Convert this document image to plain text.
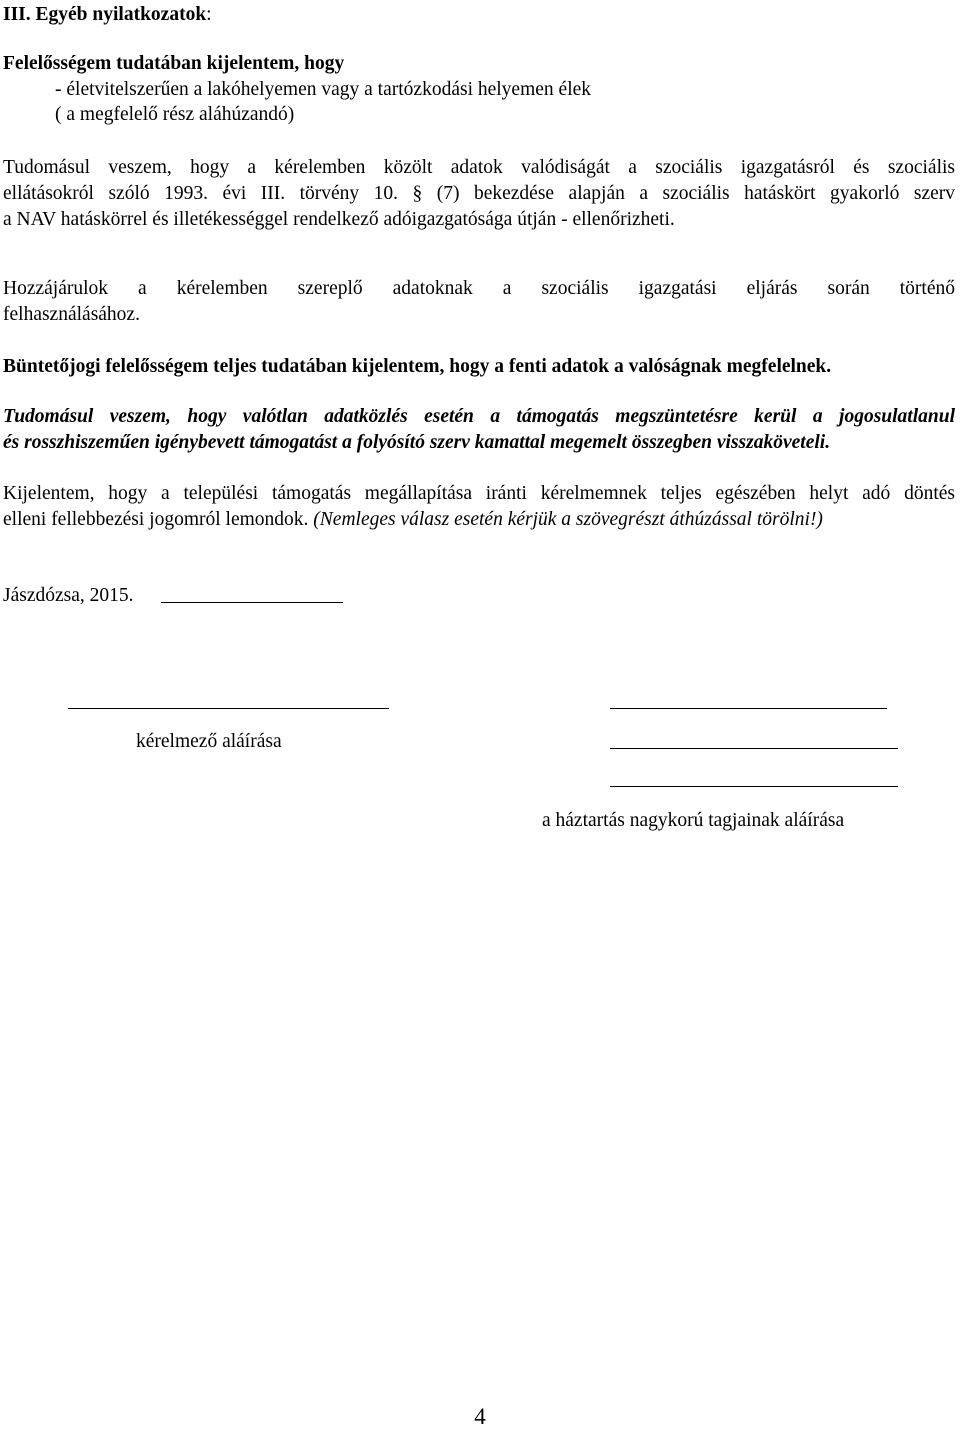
III. Egyéb nyilatkozatok:
Felelősségem tudatában kijelentem, hogy
- életvitelszerűen a lakóhelyemen vagy a tartózkodási helyemen élek
( a megfelelő rész aláhúzandó)
Tudomásul veszem, hogy a kérelemben közölt adatok valódiságát a szociális igazgatásról és szociális
ellátásokról szóló 1993. évi III. törvény 10. § (7) bekezdése alapján a szociális hatáskört gyakorló szerv
a NAV hatáskörrel és illetékességgel rendelkező adóigazgatósága útján - ellenőrizheti.
Hozzájárulok a kérelemben szereplő adatoknak a szociális igazgatási eljárás során történő
felhasználásához.
Büntetőjogi felelősségem teljes tudatában kijelentem, hogy a fenti adatok a valóságnak megfelelnek.
Tudomásul veszem, hogy valótlan adatközlés esetén a támogatás megszüntetésre kerül a jogosulatlanul
és rosszhiszeműen igénybevett támogatást a folyósító szerv kamattal megemelt összegben visszaköveteli.
Kijelentem, hogy a települési támogatás megállapítása iránti kérelmemnek teljes egészében helyt adó döntés
elleni fellebbezési jogomról lemondok. (Nemleges válasz esetén kérjük a szövegrészt áthúzással törölni!)
Jászdózsa, 2015.
kérelmező aláírása
a háztartás nagykorú tagjainak aláírása
4
